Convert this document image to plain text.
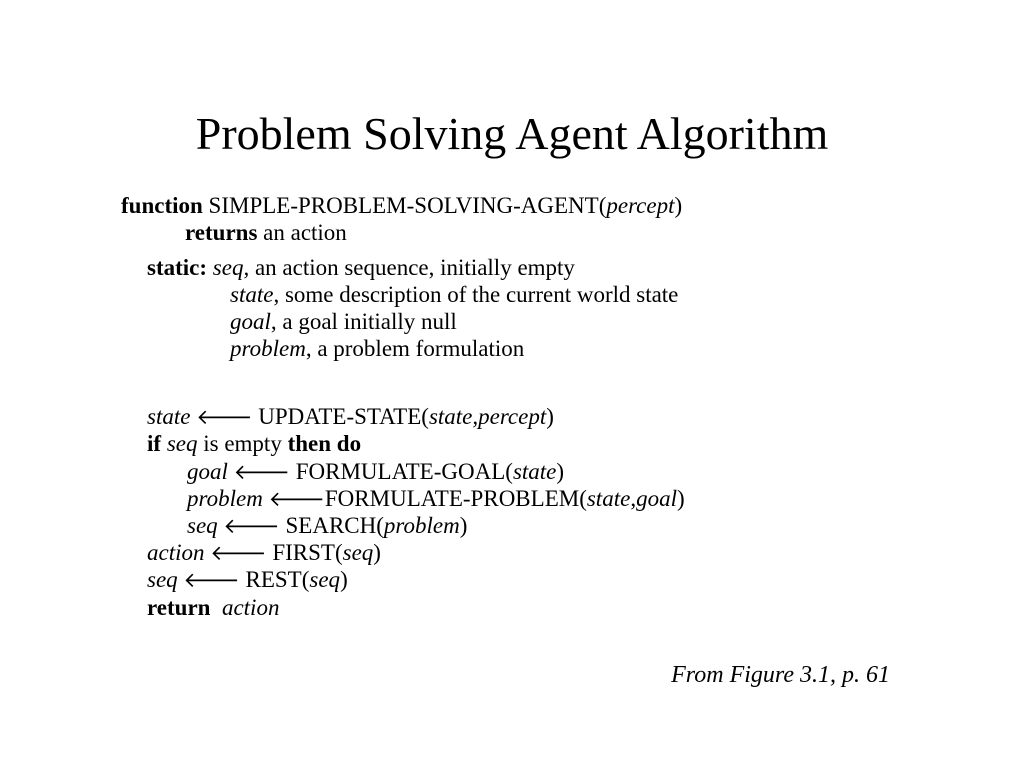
Problem Solving Agent Algorithm
function SIMPLE-PROBLEM-SOLVING-AGENT(percept)
returns an action
static: seq, an action sequence, initially empty
state, some description of the current world state
goal, a goal initially null
problem, a problem formulation
state 🡐 UPDATE-STATE(state,percept)
if seq is empty then do
goal 🡐 FORMULATE-GOAL(state)
problem 🡐FORMULATE-PROBLEM(state,goal)
seq 🡐 SEARCH(problem)
action 🡐 FIRST(seq)
seq 🡐 REST(seq)
return action
From Figure 3.1, p. 61
